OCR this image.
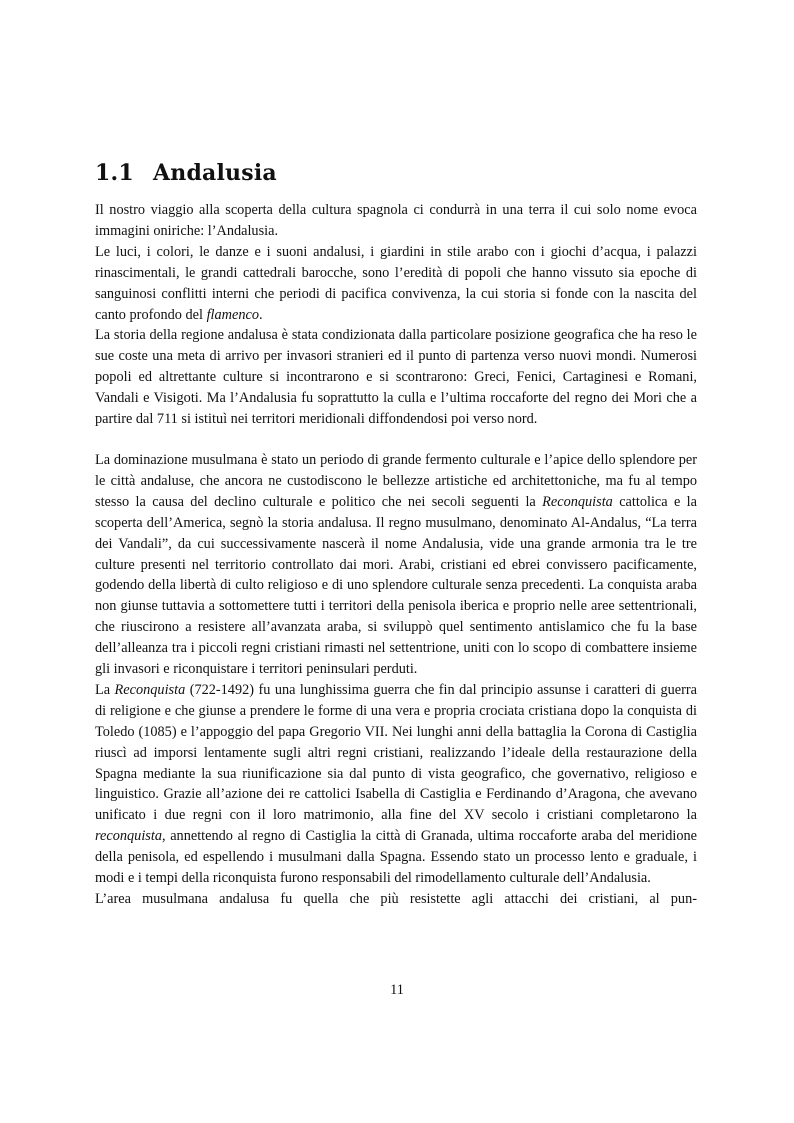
1.1 Andalusia

Il nostro viaggio alla scoperta della cultura spagnola ci condurrà in una terra il cui solo nome evoca immagini oniriche: l’Andalusia.

Le luci, i colori, le danze e i suoni andalusi, i giardini in stile arabo con i giochi d’acqua, i palazzi rinascimentali, le grandi cattedrali barocche, sono l’eredità di popoli che hanno vissuto sia epoche di sanguinosi conflitti interni che periodi di pacifica convivenza, la cui storia si fonde con la nascita del canto profondo del flamenco.

La storia della regione andalusa è stata condizionata dalla particolare posizione geografica che ha reso le sue coste una meta di arrivo per invasori stranieri ed il punto di partenza verso nuovi mondi. Numerosi popoli ed altrettante culture si incontrarono e si scontrarono: Greci, Fenici, Cartaginesi e Romani, Vandali e Visigoti. Ma l’Andalusia fu soprattutto la culla e l’ultima roccaforte del regno dei Mori che a partire dal 711 si istituì nei territori meridionali diffondendosi poi verso nord.

La dominazione musulmana è stato un periodo di grande fermento culturale e l’apice dello splendore per le città andaluse, che ancora ne custodiscono le bellezze artistiche ed architettoniche, ma fu al tempo stesso la causa del declino culturale e politico che nei secoli seguenti la Reconquista cattolica e la scoperta dell’America, segnò la storia andalusa. Il regno musulmano, denominato Al-Andalus, “La terra dei Vandali”, da cui successivamente nascerà il nome Andalusia, vide una grande armonia tra le tre culture presenti nel territorio controllato dai mori. Arabi, cristiani ed ebrei convissero pacificamente, godendo della libertà di culto religioso e di uno splendore culturale senza precedenti. La conquista araba non giunse tuttavia a sottomettere tutti i territori della penisola iberica e proprio nelle aree settentrionali, che riuscirono a resistere all’avanzata araba, si sviluppò quel sentimento antislamico che fu la base dell’alleanza tra i piccoli regni cristiani rimasti nel settentrione, uniti con lo scopo di combattere insieme gli invasori e riconquistare i territori peninsulari perduti.

La Reconquista (722-1492) fu una lunghissima guerra che fin dal principio assunse i caratteri di guerra di religione e che giunse a prendere le forme di una vera e propria crociata cristiana dopo la conquista di Toledo (1085) e l’appoggio del papa Gregorio VII. Nei lunghi anni della battaglia la Corona di Castiglia riuscì ad imporsi lentamente sugli altri regni cristiani, realizzando l’ideale della restaurazione della Spagna mediante la sua riunificazione sia dal punto di vista geografico, che governativo, religioso e linguistico. Grazie all’azione dei re cattolici Isabella di Castiglia e Ferdinando d’Aragona, che avevano unificato i due regni con il loro matrimonio, alla fine del XV secolo i cristiani completarono la reconquista, annettendo al regno di Castiglia la città di Granada, ultima roccaforte araba del meridione della penisola, ed espellendo i musulmani dalla Spagna. Essendo stato un processo lento e graduale, i modi e i tempi della riconquista furono responsabili del rimodellamento culturale dell’Andalusia.

L’area musulmana andalusa fu quella che più resistette agli attacchi dei cristiani, al pun-

11
